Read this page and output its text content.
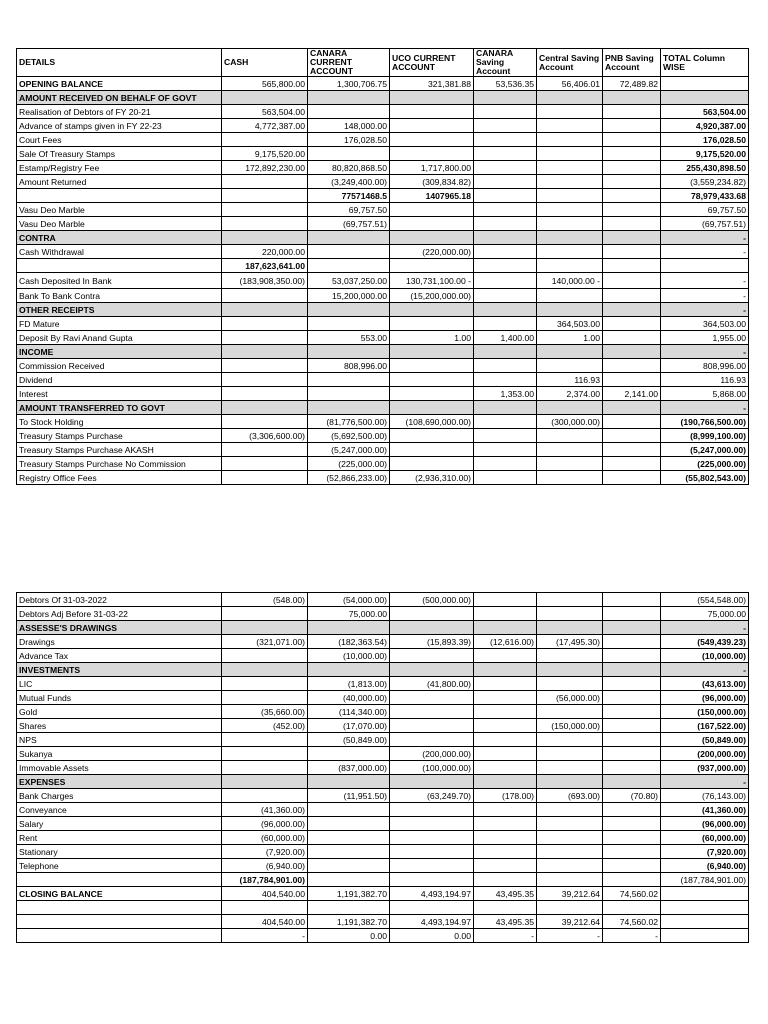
DETAILS	CASH	CANARA CURRENT ACCOUNT	UCO CURRENT ACCOUNT	CANARA Saving Account	Central Saving Account	PNB Saving Account	TOTAL Column WISE
OPENING BALANCE	565,800.00	1,300,706.75	321,381.88	53,536.35	56,406.01	72,489.82	
AMOUNT RECEIVED ON BEHALF OF GOVT							
Realisation of Debtors of FY 20-21	563,504.00						563,504.00
Advance of stamps given in FY 22-23	4,772,387.00	148,000.00					4,920,387.00
Court Fees		176,028.50					176,028.50
Sale Of Treasury Stamps	9,175,520.00						9,175,520.00
Estamp/Registry Fee	172,892,230.00	80,820,868.50	1,717,800.00				255,430,898.50
Amount Returned		(3,249,400.00)	(309,834.82)				(3,559,234.82)
		77571468.5	1407965.18				78,979,433.68
Vasu Deo Marble		69,757.50					69,757.50
Vasu Deo Marble		(69,757.51)					(69,757.51)
CONTRA							-
Cash Withdrawal	220,000.00		(220,000.00)				-
	187,623,641.00						
Cash Deposited In Bank	(183,908,350.00)	53,037,250.00	130,731,100.00 -		140,000.00 -		-
Bank To Bank Contra		15,200,000.00	(15,200,000.00)				-
OTHER RECEIPTS							-
FD Mature					364,503.00		364,503.00
Deposit By Ravi Anand Gupta		553.00	1.00	1,400.00	1.00		1,955.00
INCOME							-
Commission Received		808,996.00					808,996.00
Dividend					116.93		116.93
Interest				1,353.00	2,374.00	2,141.00	5,868.00
AMOUNT TRANSFERRED TO GOVT							-
To Stock Holding		(81,776,500.00)	(108,690,000.00)		(300,000.00)		(190,766,500.00)
Treasury Stamps Purchase	(3,306,600.00)	(5,692,500.00)					(8,999,100.00)
Treasury Stamps Purchase AKASH		(5,247,000.00)					(5,247,000.00)
Treasury Stamps Purchase No Commission		(225,000.00)					(225,000.00)
Registry Office Fees		(52,866,233.00)	(2,936,310.00)				(55,802,543.00)
Debtors Of 31-03-2022	(548.00)	(54,000.00)	(500,000.00)				(554,548.00)
Debtors Adj Before 31-03-22		75,000.00					75,000.00
ASSESSE'S DRAWINGS							-
Drawings	(321,071.00)	(182,363.54)	(15,893.39)	(12,616.00)	(17,495.30)		(549,439.23)
Advance Tax		(10,000.00)					(10,000.00)
INVESTMENTS							-
LIC		(1,813.00)	(41,800.00)				(43,613.00)
Mutual Funds		(40,000.00)			(56,000.00)		(96,000.00)
Gold	(35,660.00)	(114,340.00)					(150,000.00)
Shares	(452.00)	(17,070.00)			(150,000.00)		(167,522.00)
NPS		(50,849.00)					(50,849.00)
Sukanya			(200,000.00)				(200,000.00)
Immovable Assets		(837,000.00)	(100,000.00)				(937,000.00)
EXPENSES							-
Bank Charges		(11,951.50)	(63,249.70)	(178.00)	(693.00)	(70.80)	(76,143.00)
Conveyance	(41,360.00)						(41,360.00)
Salary	(96,000.00)						(96,000.00)
Rent	(60,000.00)						(60,000.00)
Stationary	(7,920.00)						(7,920.00)
Telephone	(6,940.00)						(6,940.00)
	(187,784,901.00)						(187,784,901.00)
CLOSING BALANCE	404,540.00	1,191,382.70	4,493,194.97	43,495.35	39,212.64	74,560.02	

	404,540.00	1,191,382.70	4,493,194.97	43,495.35	39,212.64	74,560.02	
	-	0.00	0.00	-	-	-	
